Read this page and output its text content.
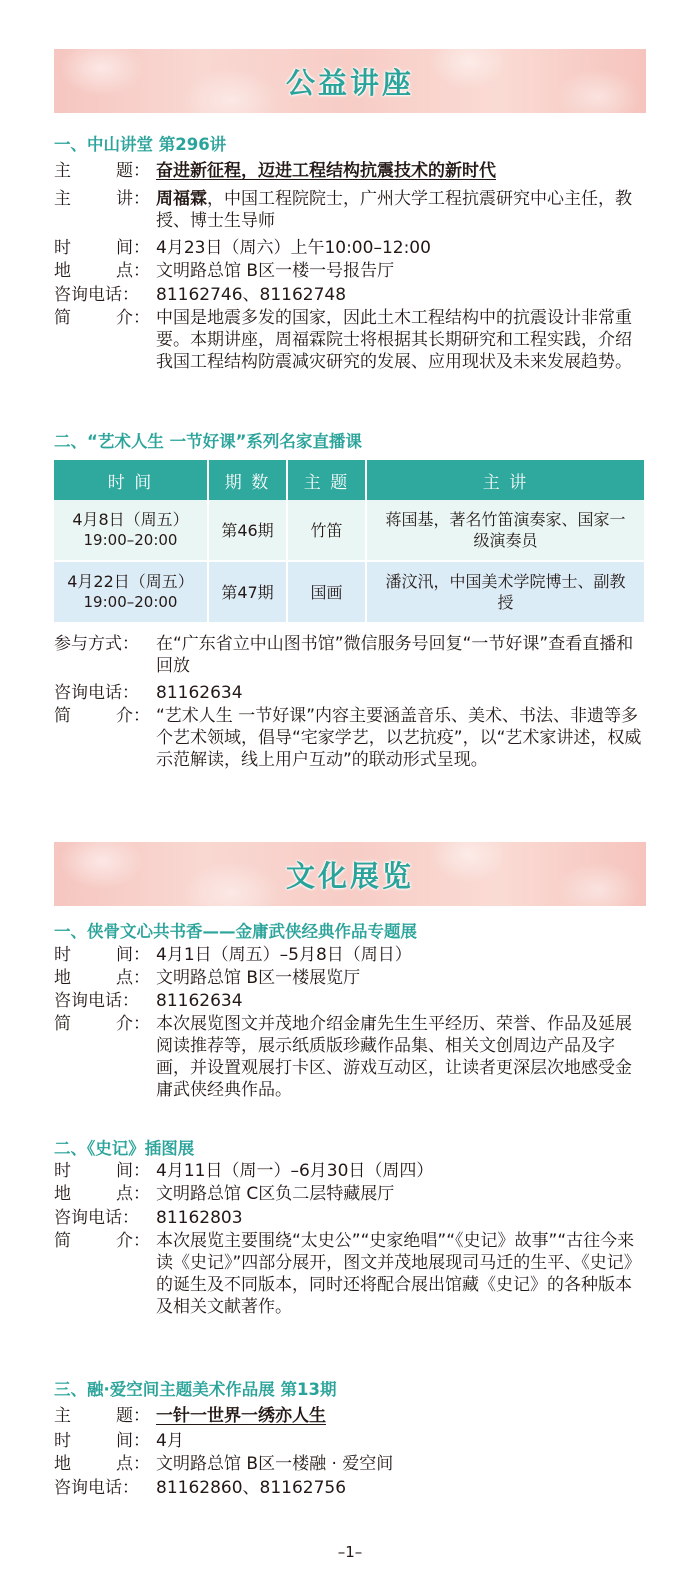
公益讲座
一、中山讲堂 第296讲
主	题： 奋进新征程，迈进工程结构抗震技术的新时代
主	讲： 周福霖，中国工程院院士，广州大学工程抗震研究中心主任，教授、博士生导师
时	间： 4月23日（周六）上午10:00–12:00
地	点： 文明路总馆 B区一楼一号报告厅
咨询电话： 81162746、81162748
简	介： 中国是地震多发的国家，因此土木工程结构中的抗震设计非常重要。本期讲座，周福霖院士将根据其长期研究和工程实践，介绍我国工程结构防震减灾研究的发展、应用现状及未来发展趋势。
二、“艺术人生 一节好课”系列名家直播课
时 间	期 数	主 题	主 讲

4月8日（周五）
19:00–20:00	第46期	竹笛	蒋国基，著名竹笛演奏家、国家一级演奏员

4月22日（周五）
19:00–20:00	第47期	国画	潘汶汛，中国美术学院博士、副教授
参与方式： 在“广东省立中山图书馆”微信服务号回复“一节好课”查看直播和回放
咨询电话： 81162634
简	介： “艺术人生 一节好课”内容主要涵盖音乐、美术、书法、非遗等多个艺术领域，倡导“宅家学艺，以艺抗疫”，以“艺术家讲述，权威示范解读，线上用户互动”的联动形式呈现。
文化展览
一、侠骨文心共书香——金庸武侠经典作品专题展
时	间： 4月1日（周五）–5月8日（周日）
地	点： 文明路总馆 B区一楼展览厅
咨询电话： 81162634
简	介： 本次展览图文并茂地介绍金庸先生生平经历、荣誉、作品及延展阅读推荐等，展示纸质版珍藏作品集、相关文创周边产品及字画，并设置观展打卡区、游戏互动区，让读者更深层次地感受金庸武侠经典作品。
二、《史记》插图展
时	间： 4月11日（周一）–6月30日（周四）
地	点： 文明路总馆 C区负二层特藏展厅
咨询电话： 81162803
简	介： 本次展览主要围绕“太史公”“史家绝唱”“《史记》故事”“古往今来读《史记》”四部分展开，图文并茂地展现司马迁的生平、《史记》的诞生及不同版本，同时还将配合展出馆藏《史记》的各种版本及相关文献著作。
三、融·爱空间主题美术作品展 第13期
主	题： 一针一世界一绣亦人生
时	间： 4月
地	点： 文明路总馆 B区一楼融 · 爱空间
咨询电话： 81162860、81162756
–1–
